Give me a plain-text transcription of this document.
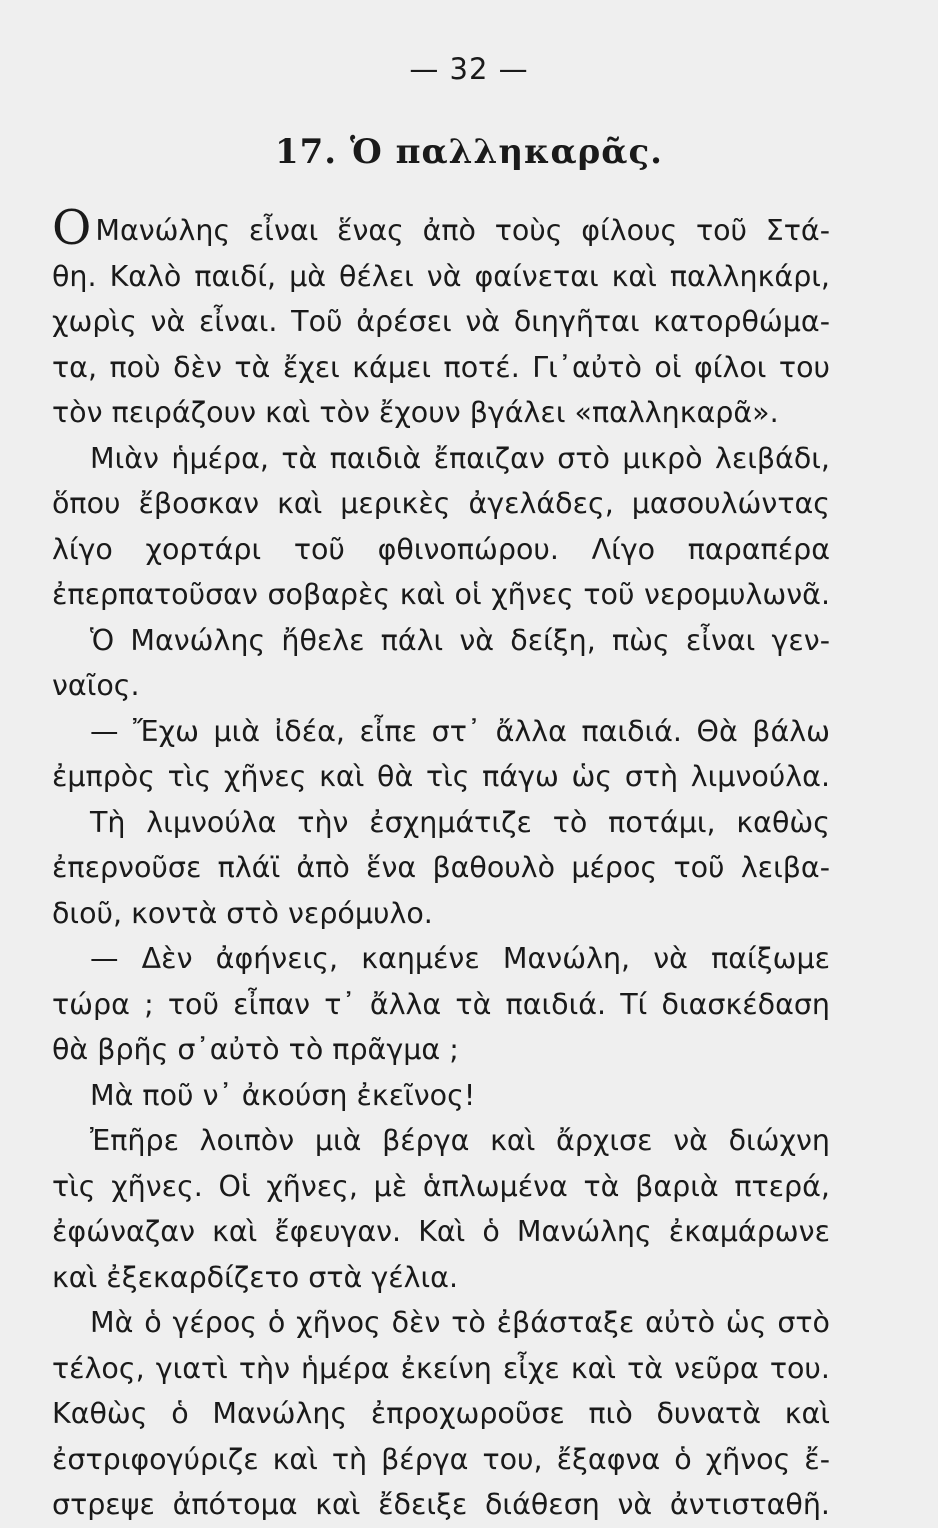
— 32 —
17. Ὁ παλληκαρᾶς.
Ο Μανώλης εἶναι ἕνας ἀπὸ τοὺς φίλους τοῦ Στά-
θη. Καλὸ παιδί, μὰ θέλει νὰ φαίνεται καὶ παλληκάρι,
χωρὶς νὰ εἶναι. Τοῦ ἀρέσει νὰ διηγῆται κατορθώμα-
τα, ποὺ δὲν τὰ ἔχει κάμει ποτέ. Γι᾿αὐτὸ οἱ φίλοι του
τὸν πειράζουν καὶ τὸν ἔχουν βγάλει «παλληκαρᾶ».
Μιὰν ἡμέρα, τὰ παιδιὰ ἔπαιζαν στὸ μικρὸ λειβάδι,
ὅπου ἔβοσκαν καὶ μερικὲς ἀγελάδες, μασουλώντας
λίγο χορτάρι τοῦ φθινοπώρου. Λίγο παραπέρα
ἐπερπατοῦσαν σοβαρὲς καὶ οἱ χῆνες τοῦ νερομυλωνᾶ.
Ὁ Μανώλης ἤθελε πάλι νὰ δείξη, πὼς εἶναι γεν-
ναῖος.
— Ἔχω μιὰ ἰδέα, εἶπε στ᾿ ἄλλα παιδιά. Θὰ βάλω
ἐμπρὸς τὶς χῆνες καὶ θὰ τὶς πάγω ὡς στὴ λιμνούλα.
Τὴ λιμνούλα τὴν ἐσχημάτιζε τὸ ποτάμι, καθὼς
ἐπερνοῦσε πλάϊ ἀπὸ ἕνα βαθουλὸ μέρος τοῦ λειβα-
διοῦ, κοντὰ στὸ νερόμυλο.
— Δὲν ἀφήνεις, καημένε Μανώλη, νὰ παίξωμε
τώρα ; τοῦ εἶπαν τ᾿ ἄλλα τὰ παιδιά. Τί διασκέδαση
θὰ βρῆς σ᾿αὐτὸ τὸ πρᾶγμα ;
Μὰ ποῦ ν᾿ ἀκούση ἐκεῖνος!
Ἐπῆρε λοιπὸν μιὰ βέργα καὶ ἄρχισε νὰ διώχνη
τὶς χῆνες. Οἱ χῆνες, μὲ ἁπλωμένα τὰ βαριὰ πτερά,
ἐφώναζαν καὶ ἔφευγαν. Καὶ ὁ Μανώλης ἐκαμάρωνε
καὶ ἐξεκαρδίζετο στὰ γέλια.
Μὰ ὁ γέρος ὁ χῆνος δὲν τὸ ἐβάσταξε αὐτὸ ὡς στὸ
τέλος, γιατὶ τὴν ἡμέρα ἐκείνη εἶχε καὶ τὰ νεῦρα του.
Καθὼς ὁ Μανώλης ἐπροχωροῦσε πιὸ δυνατὰ καὶ
ἐστριφογύριζε καὶ τὴ βέργα του, ἔξαφνα ὁ χῆνος ἔ-
στρεψε ἀπότομα καὶ ἔδειξε διάθεση νὰ ἀντισταθῆ.
